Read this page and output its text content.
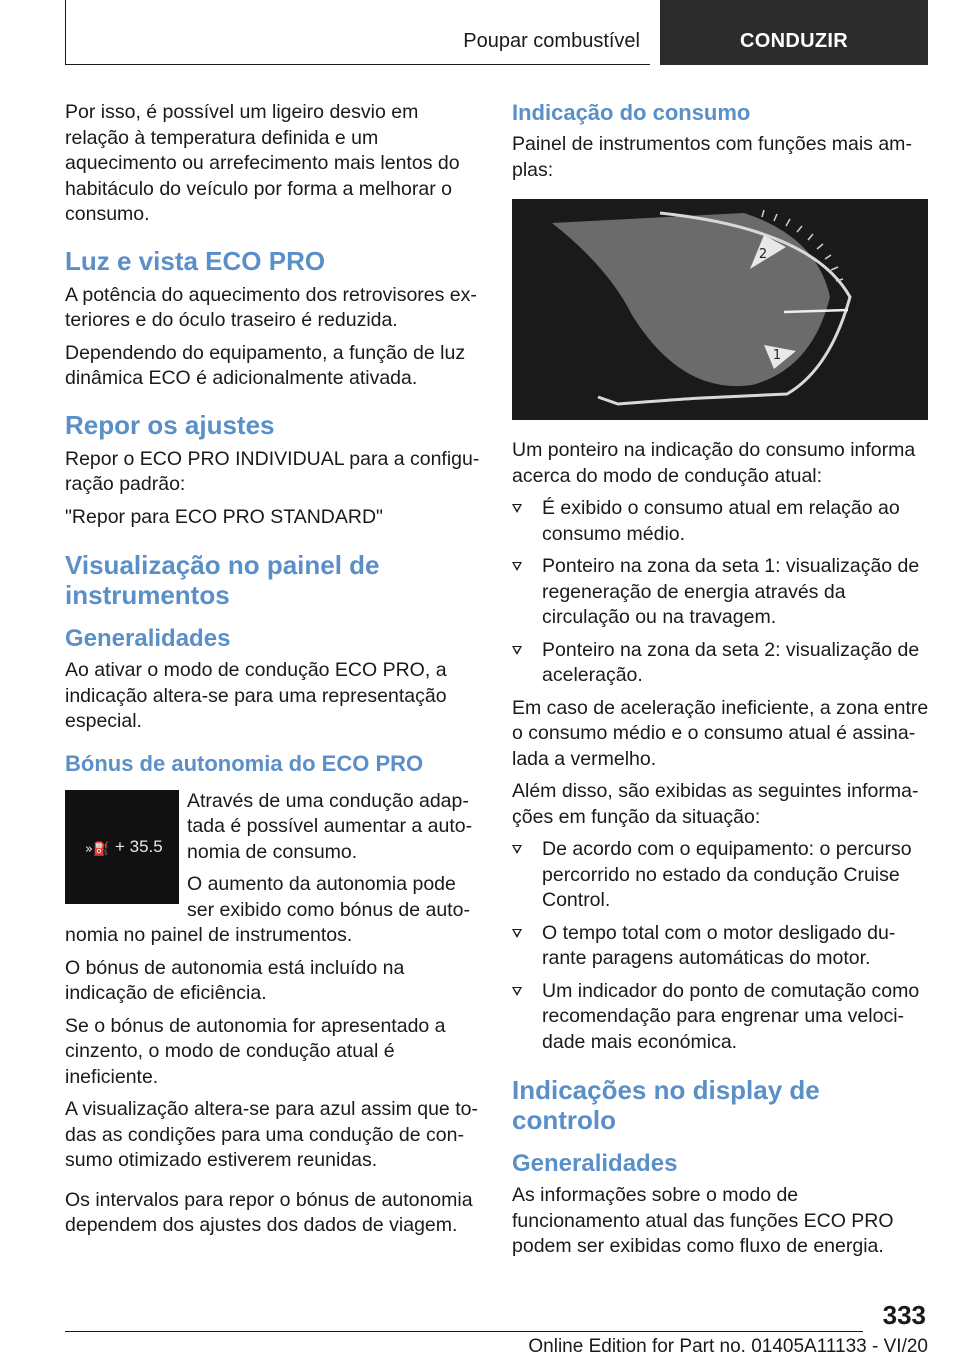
Poupar combustível	CONDUZIR

Por isso, é possível um ligeiro desvio em relação à temperatura definida e um aquecimento ou arrefecimento mais lentos do habitáculo do veículo por forma a melhorar o consumo.

Luz e vista ECO PRO

A potência do aquecimento dos retrovisores exteriores e do óculo traseiro é reduzida.

Dependendo do equipamento, a função de luz dinâmica ECO é adicionalmente ativada.

Repor os ajustes

Repor o ECO PRO INDIVIDUAL para a configuração padrão:

"Repor para ECO PRO STANDARD"

Visualização no painel de instrumentos
Generalidades

Ao ativar o modo de condução ECO PRO, a indicação altera-se para uma representação especial.

Bónus de autonomia do ECO PRO
»⛽ + 35.5

Através de uma condução adaptada é possível aumentar a autonomia de consumo.

O aumento da autonomia pode ser exibido como bónus de autonomia no painel de instrumentos.

O bónus de autonomia está incluído na indicação de eficiência.

Se o bónus de autonomia for apresentado a cinzento, o modo de condução atual é ineficiente.

A visualização altera-se para azul assim que todas as condições para uma condução de consumo otimizado estiverem reunidas.

Os intervalos para repor o bónus de autonomia dependem dos ajustes dos dados de viagem.

Indicação do consumo

Painel de instrumentos com funções mais amplas:

2
1

Um ponteiro na indicação do consumo informa acerca do modo de condução atual:

É exibido o consumo atual em relação ao consumo médio.
Ponteiro na zona da seta 1: visualização de regeneração de energia através da circulação ou na travagem.
Ponteiro na zona da seta 2: visualização de aceleração.

Em caso de aceleração ineficiente, a zona entre o consumo médio e o consumo atual é assinalada a vermelho.

Além disso, são exibidas as seguintes informações em função da situação:

De acordo com o equipamento: o percurso percorrido no estado da condução Cruise Control.
O tempo total com o motor desligado durante paragens automáticas do motor.
Um indicador do ponto de comutação como recomendação para engrenar uma velocidade mais económica.
Indicações no display de controlo
Generalidades

As informações sobre o modo de funcionamento atual das funções ECO PRO podem ser exibidas como fluxo de energia.

333
Online Edition for Part no. 01405A11133 - VI/20
